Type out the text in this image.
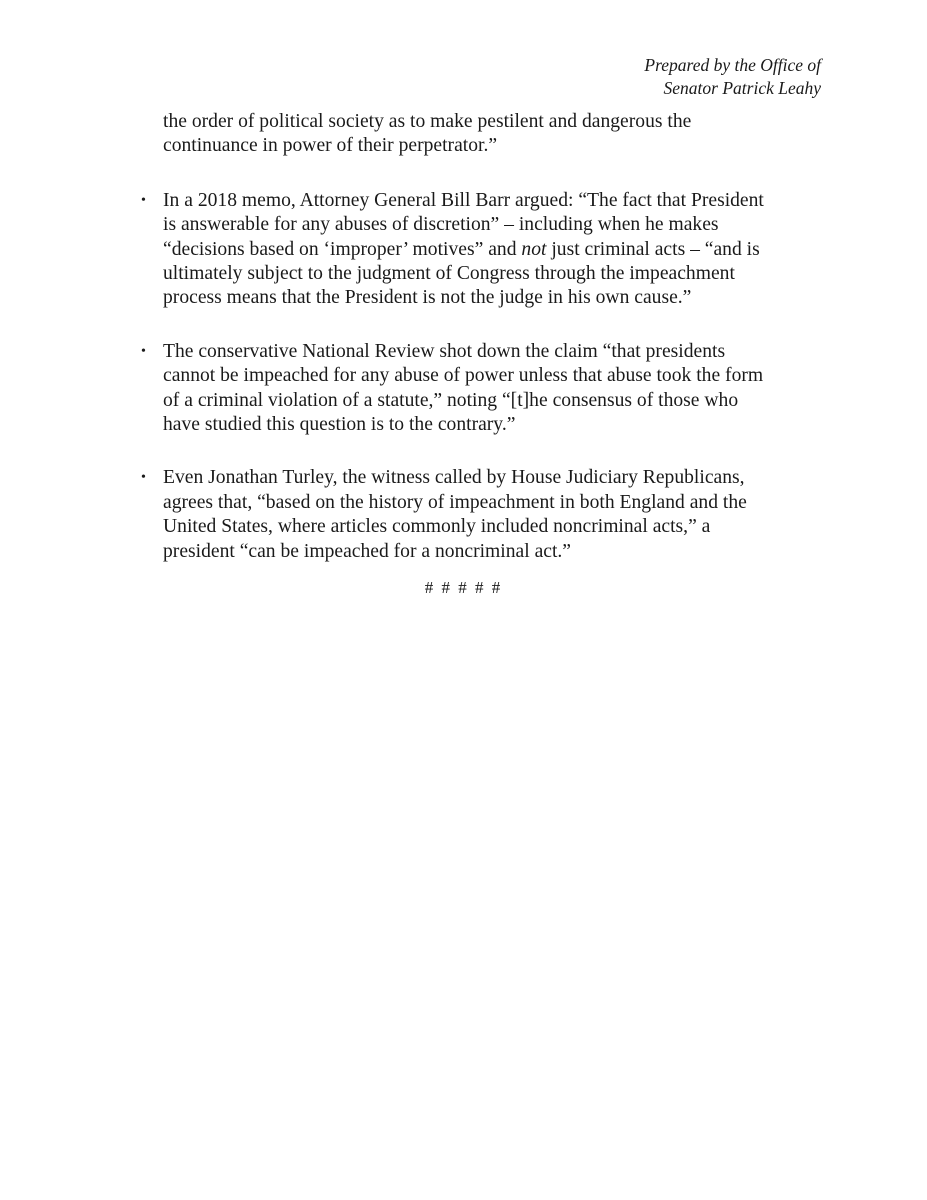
Prepared by the Office of
Senator Patrick Leahy
the order of political society as to make pestilent and dangerous the
continuance in power of their perpetrator.”
• In a 2018 memo, Attorney General Bill Barr argued: “The fact that President
is answerable for any abuses of discretion” – including when he makes
“decisions based on ‘improper’ motives” and not just criminal acts – “and is
ultimately subject to the judgment of Congress through the impeachment
process means that the President is not the judge in his own cause.”
• The conservative National Review shot down the claim “that presidents
cannot be impeached for any abuse of power unless that abuse took the form
of a criminal violation of a statute,” noting “[t]he consensus of those who
have studied this question is to the contrary.”
• Even Jonathan Turley, the witness called by House Judiciary Republicans,
agrees that, “based on the history of impeachment in both England and the
United States, where articles commonly included noncriminal acts,” a
president “can be impeached for a noncriminal act.”
# # # # #
